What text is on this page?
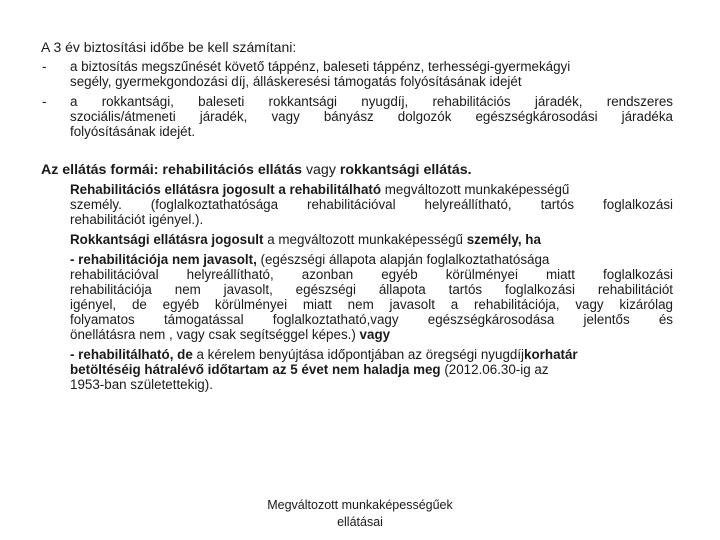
A 3 év biztosítási időbe be kell számítani:
- a biztosítás megszűnését követő táppénz, baleseti táppénz, terhességi-gyermekágyi
segély, gyermekgondozási díj, álláskeresési támogatás folyósításának idejét
- a rokkantsági, baleseti rokkantsági nyugdíj, rehabilitációs járadék, rendszeres
szociális/átmeneti járadék, vagy bányász dolgozók egészségkárosodási járadéka
folyósításának idejét.
Az ellátás formái: rehabilitációs ellátás vagy rokkantsági ellátás.
Rehabilitációs ellátásra jogosult a rehabilitálható megváltozott munkaképességű
személy. (foglalkoztathatósága rehabilitációval helyreállítható, tartós foglalkozási
rehabilitációt igényel.).
Rokkantsági ellátásra jogosult a megváltozott munkaképességű személy, ha
- rehabilitációja nem javasolt, (egészségi állapota alapján foglalkoztathatósága
rehabilitációval helyreállítható, azonban egyéb körülményei miatt foglalkozási
rehabilitációja nem javasolt, egészségi állapota tartós foglalkozási rehabilitációt
igényel, de egyéb körülményei miatt nem javasolt a rehabilitációja, vagy kizárólag
folyamatos támogatással foglalkoztatható,vagy egészségkárosodása jelentős és
önellátásra nem , vagy csak segítséggel képes.) vagy
- rehabilitálható, de a kérelem benyújtása időpontjában az öregségi nyugdíjkorhatár
betöltéséig hátralévő időtartam az 5 évet nem haladja meg (2012.06.30-ig az
1953-ban születettekig).
Megváltozott munkaképességűek
ellátásai
